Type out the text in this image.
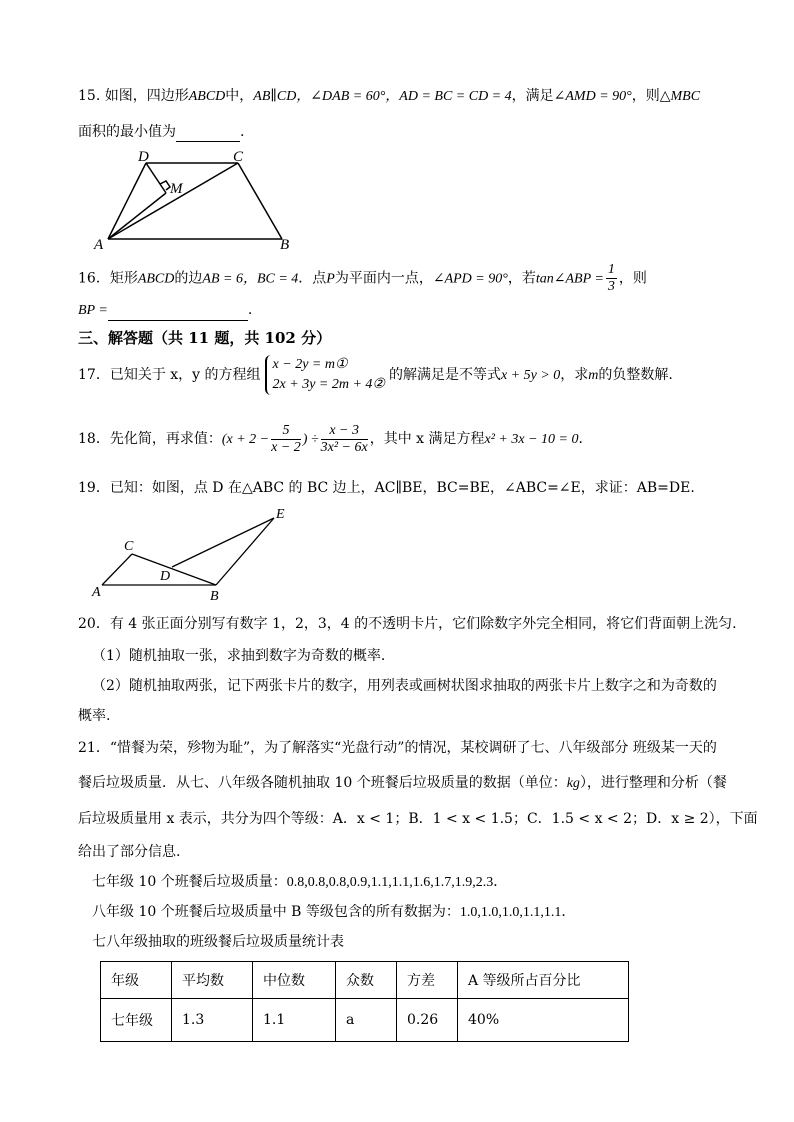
15. 如图，四边形ABCD中，AB∥CD，∠DAB = 60°，AD = BC = CD = 4，满足∠AMD = 90°，则△MBC
面积的最小值为	.
D	C
M
A	B
16．矩形ABCD的边AB = 6，BC = 4．点P为平面内一点，∠APD = 90°，若tan∠ABP = $\frac{1}{3}$ ，则
BP =	.
三、解答题（共 11 题，共 102 分）
17．已知关于 x，y 的方程组
x − 2y = m①
2x + 3y = 2m + 4②
的解满足是不等式x + 5y > 0，求m的负整数解.
18．先化简，再求值：($x + 2 - \frac{5}{x - 2}$ ) ÷ $\frac{x - 3}{\text{3x² − 6x}}$ ，其中 x 满足方程x² + 3x − 10 = 0．
19．已知：如图，点 D 在△ABC 的 BC 边上，AC∥BE，BC=BE，∠ABC=∠E，求证：AB=DE.
C
D
E
A	B
20．有 4 张正面分别写有数字 1，2，3，4 的不透明卡片，它们除数字外完全相同，将它们背面朝上洗匀.
（1）随机抽取一张，求抽到数字为奇数的概率.
（2）随机抽取两张，记下两张卡片的数字，用列表或画树状图求抽取的两张卡片上数字之和为奇数的
概率.
21．“惜餐为荣，殄物为耻”，为了解落实“光盘行动”的情况，某校调研了七、八年级部分 班级某一天的
餐后垃圾质量．从七、八年级各随机抽取 10 个班餐后垃圾质量的数据（单位：kg），进行整理和分析（餐
后垃圾质量用 x 表示，共分为四个等级：A．x < 1；B．1 < x < 1.5；C．1.5 < x < 2；D．x ≥ 2），下面
给出了部分信息.
七年级 10 个班餐后垃圾质量：0.8,0.8,0.8,0.9,1.1,1.1,1.6,1.7,1.9,2.3．
八年级 10 个班餐后垃圾质量中 B 等级包含的所有数据为：1.0,1.0,1.0,1.1,1.1．
七八年级抽取的班级餐后垃圾质量统计表
年级	平均数	中位数	众数	方差	A 等级所占百分比
七年级	1.3	1.1	a	0.26	40%
